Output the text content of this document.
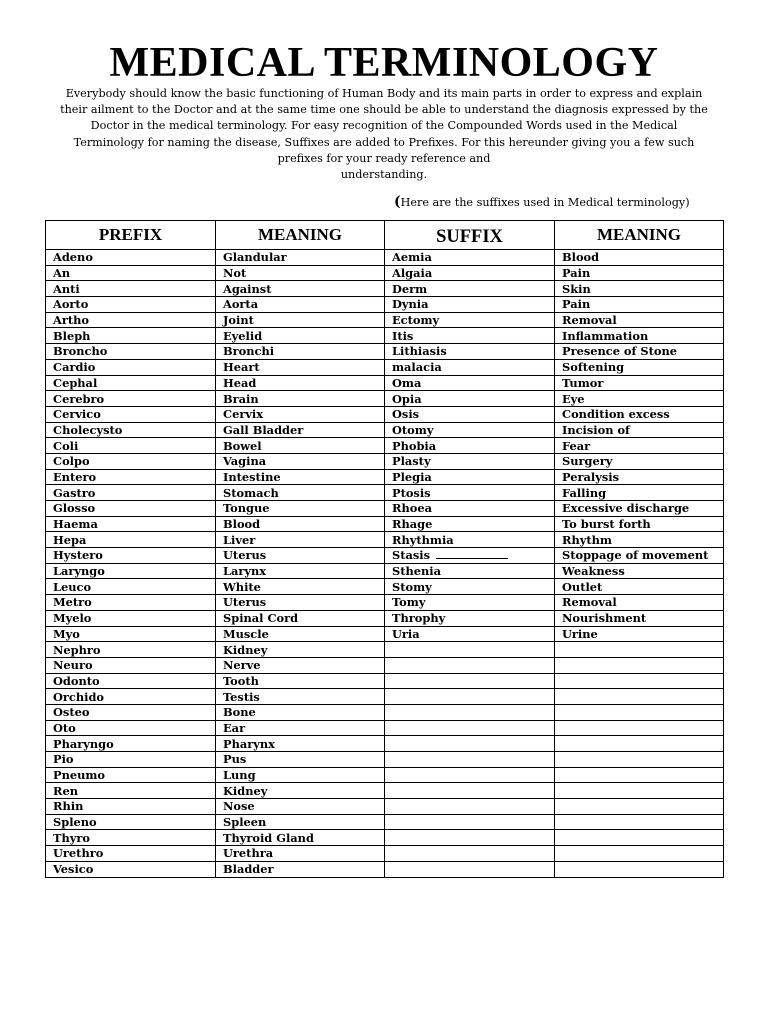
MEDICAL TERMINOLOGY

Everybody should know the basic functioning of Human Body and its main parts in order to express and explain

their ailment to the Doctor and at the same time one should be able to understand the diagnosis expressed by the

Doctor in the medical terminology. For easy recognition of the Compounded Words used in the Medical

Terminology for naming the disease, Suffixes are added to Prefixes. For this hereunder giving you a few such

prefixes for your ready reference and

understanding.

(Here are the suffixes used in Medical terminology)
PREFIX	MEANING	SUFFIX	MEANING
Adeno	Glandular	Aemia	Blood
An	Not	Algaia	Pain
Anti	Against	Derm	Skin
Aorto	Aorta	Dynia	Pain
Artho	Joint	Ectomy	Removal
Bleph	Eyelid	Itis	Inflammation
Broncho	Bronchi	Lithiasis	Presence of Stone
Cardio	Heart	malacia	Softening
Cephal	Head	Oma	Tumor
Cerebro	Brain	Opia	Eye
Cervico	Cervix	Osis	Condition excess
Cholecysto	Gall Bladder	Otomy	Incision of
Coli	Bowel	Phobia	Fear
Colpo	Vagina	Plasty	Surgery
Entero	Intestine	Plegia	Peralysis
Gastro	Stomach	Ptosis	Falling
Glosso	Tongue	Rhoea	Excessive discharge
Haema	Blood	Rhage	To burst forth
Hepa	Liver	Rhythmia	Rhythm
Hystero	Uterus	Stasis	Stoppage of movement
Laryngo	Larynx	Sthenia	Weakness
Leuco	White	Stomy	Outlet
Metro	Uterus	Tomy	Removal
Myelo	Spinal Cord	Throphy	Nourishment
Myo	Muscle	Uria	Urine
Nephro	Kidney		
Neuro	Nerve		
Odonto	Tooth		
Orchido	Testis		
Osteo	Bone		
Oto	Ear		
Pharyngo	Pharynx		
Pio	Pus		
Pneumo	Lung		
Ren	Kidney		
Rhin	Nose		
Spleno	Spleen		
Thyro	Thyroid Gland		
Urethro	Urethra		
Vesico	Bladder		
